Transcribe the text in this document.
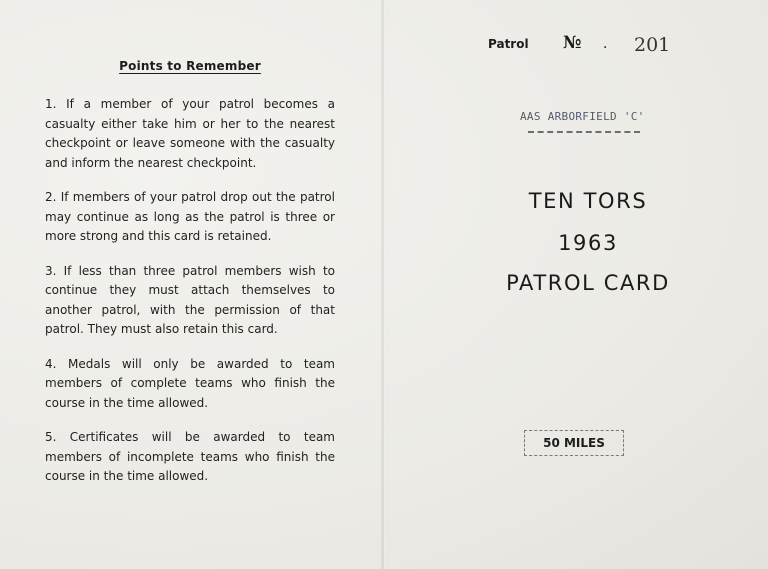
Points to Remember
1. If a member of your patrol becomes a casualty either take him or her to the nearest checkpoint or leave someone with the casualty and inform the nearest checkpoint.
2. If members of your patrol drop out the patrol may continue as long as the patrol is three or more strong and this card is retained.
3. If less than three patrol members wish to continue they must attach themselves to another patrol, with the permission of that patrol. They must also retain this card.
4. Medals will only be awarded to team members of complete teams who finish the course in the time allowed.
5. Certificates will be awarded to team members of incomplete teams who finish the course in the time allowed.
Patrol № . 201
AAS ARBORFIELD 'C'
TEN TORS
1963
PATROL CARD
50 MILES
